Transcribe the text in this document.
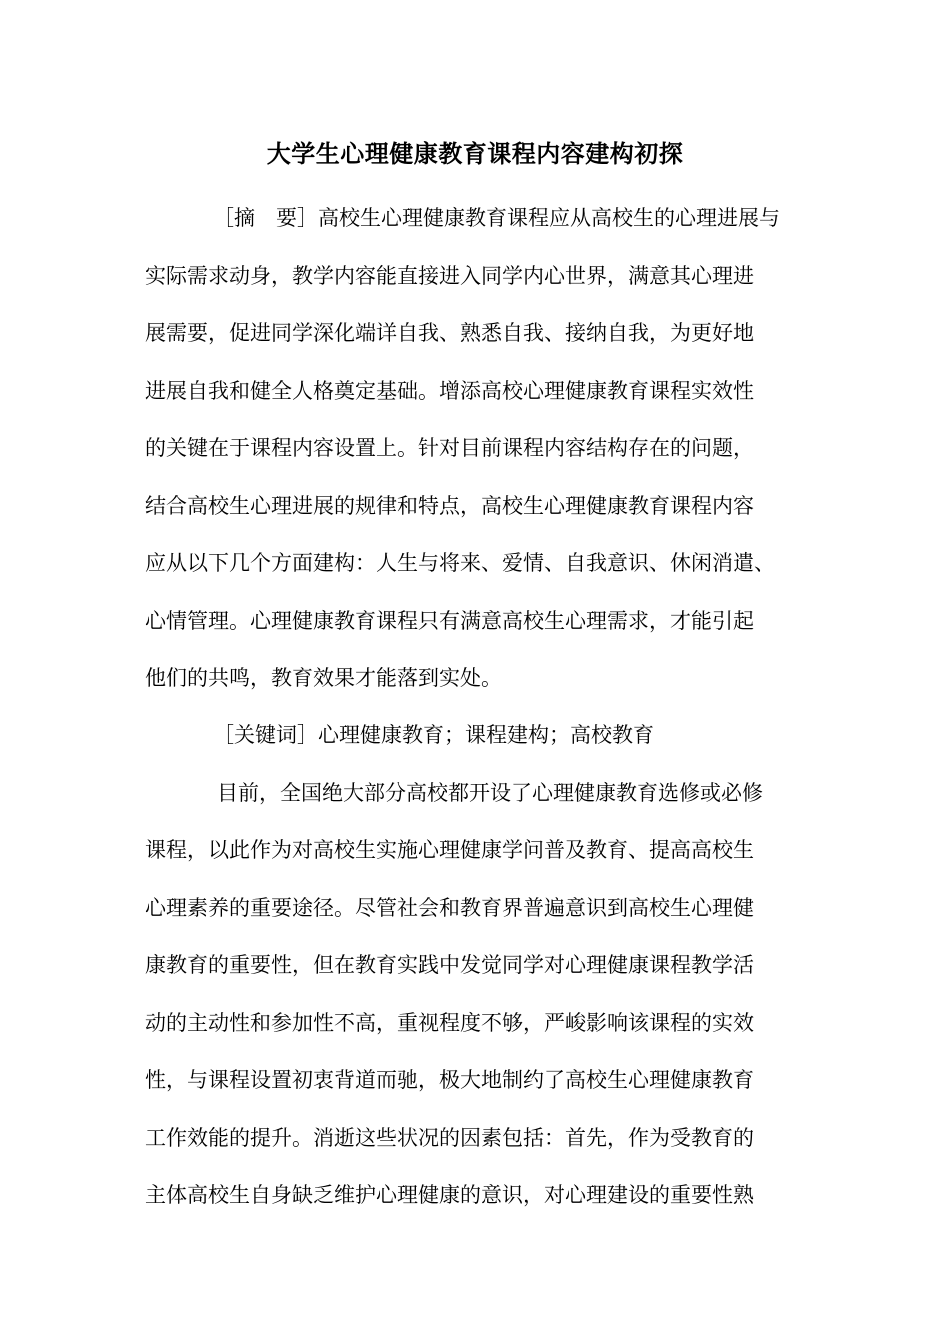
大学生心理健康教育课程内容建构初探
［摘　要］高校生心理健康教育课程应从高校生的心理进展与
实际需求动身，教学内容能直接进入同学内心世界，满意其心理进
展需要，促进同学深化端详自我、熟悉自我、接纳自我，为更好地
进展自我和健全人格奠定基础。增添高校心理健康教育课程实效性
的关键在于课程内容设置上。针对目前课程内容结构存在的问题，
结合高校生心理进展的规律和特点，高校生心理健康教育课程内容
应从以下几个方面建构：人生与将来、爱情、自我意识、休闲消遣、
心情管理。心理健康教育课程只有满意高校生心理需求，才能引起
他们的共鸣，教育效果才能落到实处。
［关键词］心理健康教育；课程建构；高校教育
目前，全国绝大部分高校都开设了心理健康教育选修或必修
课程，以此作为对高校生实施心理健康学问普及教育、提高高校生
心理素养的重要途径。尽管社会和教育界普遍意识到高校生心理健
康教育的重要性，但在教育实践中发觉同学对心理健康课程教学活
动的主动性和参加性不高，重视程度不够，严峻影响该课程的实效
性，与课程设置初衷背道而驰，极大地制约了高校生心理健康教育
工作效能的提升。消逝这些状况的因素包括：首先，作为受教育的
主体高校生自身缺乏维护心理健康的意识，对心理建设的重要性熟
